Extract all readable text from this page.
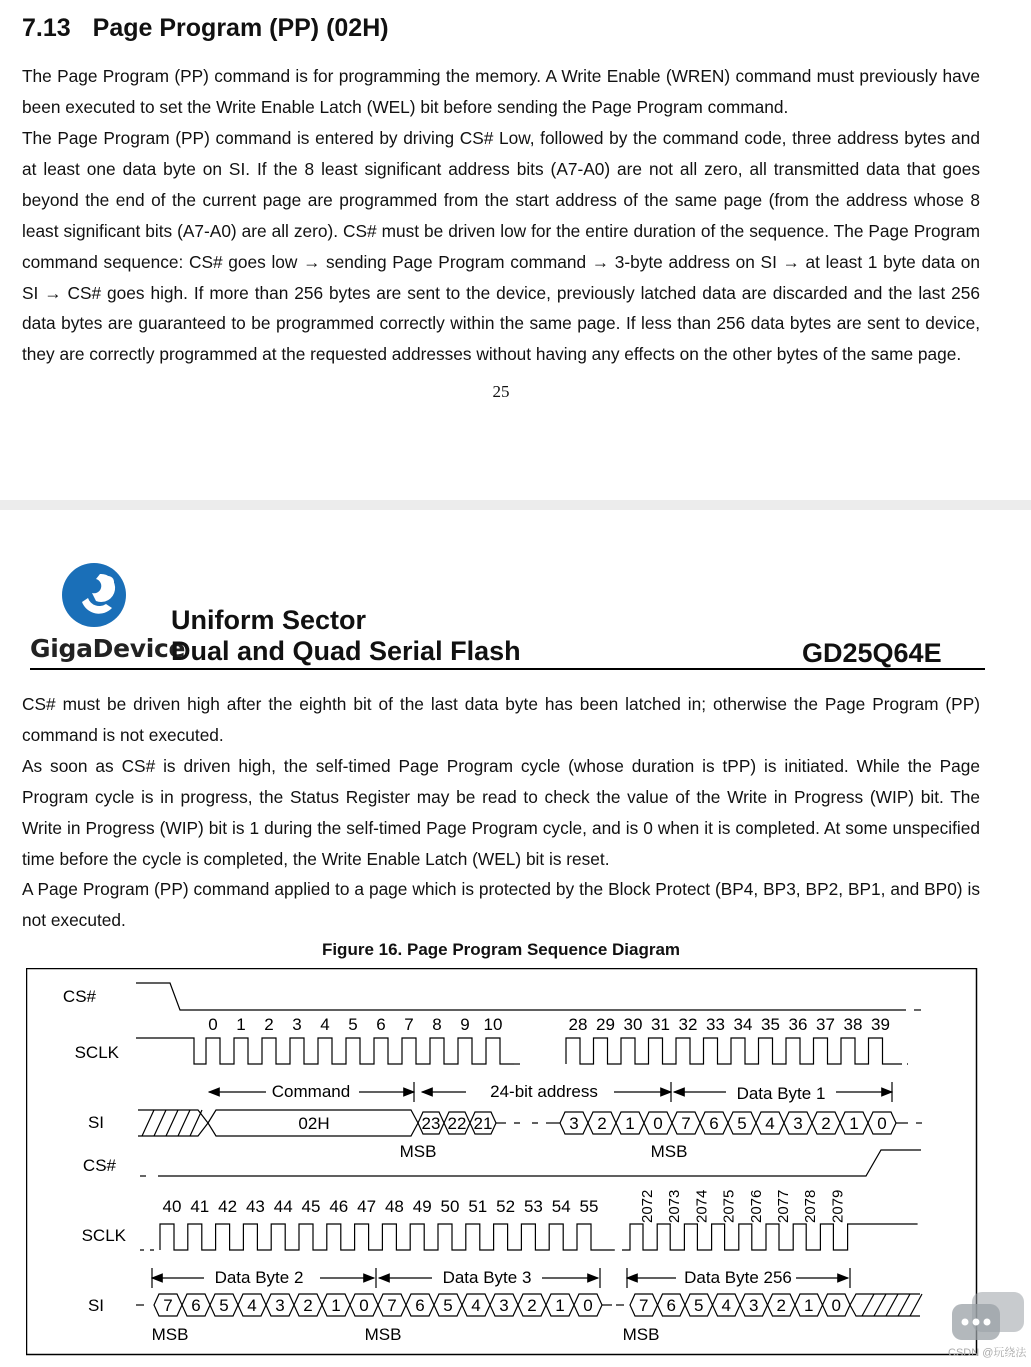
7.13 Page Program (PP) (02H)

The Page Program (PP) command is for programming the memory. A Write Enable (WREN) command must previously have been executed to set the Write Enable Latch (WEL) bit before sending the Page Program command.

The Page Program (PP) command is entered by driving CS# Low, followed by the command code, three address bytes and at least one data byte on SI. If the 8 least significant address bits (A7-A0) are not all zero, all transmitted data that goes beyond the end of the current page are programmed from the start address of the same page (from the address whose 8 least significant bits (A7-A0) are all zero). CS# must be driven low for the entire duration of the sequence. The Page Program command sequence: CS# goes low → sending Page Program command → 3-byte address on SI → at least 1 byte data on SI → CS# goes high. If more than 256 bytes are sent to the device, previously latched data are discarded and the last 256 data bytes are guaranteed to be programmed correctly within the same page. If less than 256 data bytes are sent to device, they are correctly programmed at the requested addresses without having any effects on the other bytes of the same page.

25
GigaDevice
Uniform Sector
Dual and Quad Serial Flash	GD25Q64E

CS# must be driven high after the eighth bit of the last data byte has been latched in; otherwise the Page Program (PP) command is not executed.

As soon as CS# is driven high, the self-timed Page Program cycle (whose duration is tPP) is initiated. While the Page Program cycle is in progress, the Status Register may be read to check the value of the Write in Progress (WIP) bit. The Write in Progress (WIP) bit is 1 during the self-timed Page Program cycle, and is 0 when it is completed. At some unspecified time before the cycle is completed, the Write Enable Latch (WEL) bit is reset.

A Page Program (PP) command applied to a page which is protected by the Block Protect (BP4, BP3, BP2, BP1, and BP0) is not executed.

Figure 16. Page Program Sequence Diagram
CS#
SCLK
SI
0 1 2 3 4 5 6 7 8 9 10	28 29 30 31 32 33 34 35 36 37 38 39
Command	24-bit address	Data Byte 1
02H	23 22 21	3 2 1 0 7 6 5 4 3 2 1 0
MSB	MSB
CS#
SCLK
SI
40 41 42 43 44 45 46 47 48 49 50 51 52 53 54 55	2072 2073 2074 2075 2076 2077 2078 2079
Data Byte 2	Data Byte 3	Data Byte 256
7 6 5 4 3 2 1 0 7 6 5 4 3 2 1 0	7 6 5 4 3 2 1 0
MSB	MSB	MSB
CSDN @玩绕法
